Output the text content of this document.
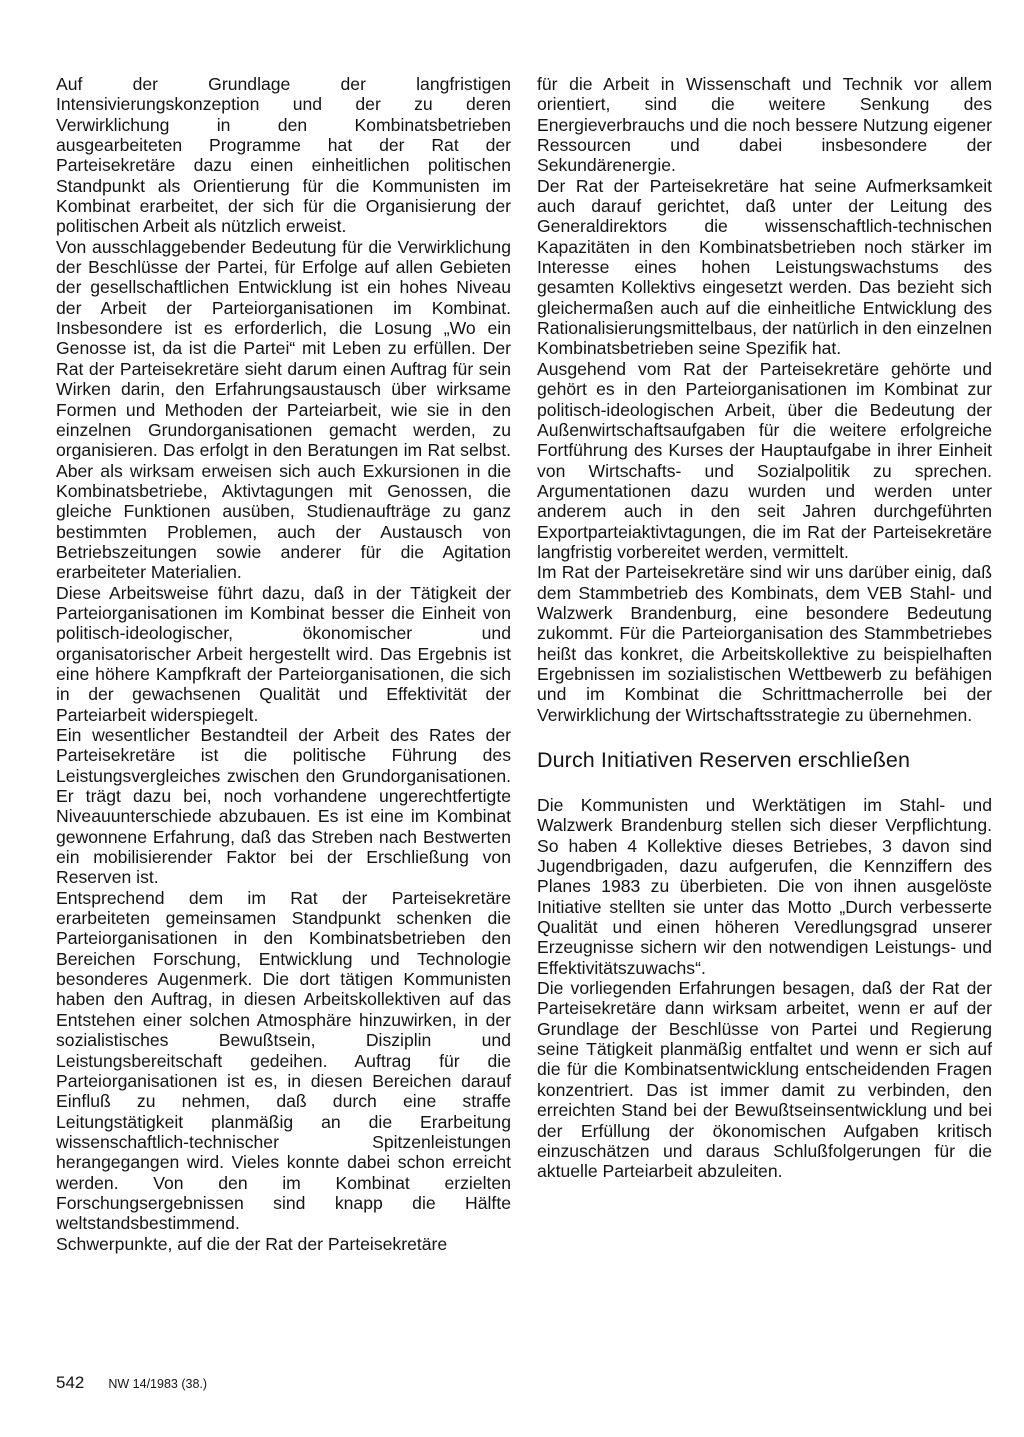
Auf der Grundlage der langfristigen Intensivierungskonzeption und der zu deren Verwirklichung in den Kombinatsbetrieben ausgearbeiteten Programme hat der Rat der Parteisekretäre dazu einen einheitlichen politischen Standpunkt als Orientierung für die Kommunisten im Kombinat erarbeitet, der sich für die Organisierung der politischen Arbeit als nützlich erweist.

Von ausschlaggebender Bedeutung für die Verwirklichung der Beschlüsse der Partei, für Erfolge auf allen Gebieten der gesellschaftlichen Entwicklung ist ein hohes Niveau der Arbeit der Parteiorganisationen im Kombinat. Insbesondere ist es erforderlich, die Losung „Wo ein Genosse ist, da ist die Partei“ mit Leben zu erfüllen. Der Rat der Parteisekretäre sieht darum einen Auftrag für sein Wirken darin, den Erfahrungsaustausch über wirksame Formen und Methoden der Parteiarbeit, wie sie in den einzelnen Grundorganisationen gemacht werden, zu organisieren. Das erfolgt in den Beratungen im Rat selbst. Aber als wirksam erweisen sich auch Exkursionen in die Kombinatsbetriebe, Aktivtagungen mit Genossen, die gleiche Funktionen ausüben, Studienaufträge zu ganz bestimmten Problemen, auch der Austausch von Betriebszeitungen sowie anderer für die Agitation erarbeiteter Materialien.

Diese Arbeitsweise führt dazu, daß in der Tätigkeit der Parteiorganisationen im Kombinat besser die Einheit von politisch-ideologischer, ökonomischer und organisatorischer Arbeit hergestellt wird. Das Ergebnis ist eine höhere Kampfkraft der Parteiorganisationen, die sich in der gewachsenen Qualität und Effektivität der Parteiarbeit widerspiegelt.

Ein wesentlicher Bestandteil der Arbeit des Rates der Parteisekretäre ist die politische Führung des Leistungsvergleiches zwischen den Grundorganisationen. Er trägt dazu bei, noch vorhandene ungerechtfertigte Niveauunterschiede abzubauen. Es ist eine im Kombinat gewonnene Erfahrung, daß das Streben nach Bestwerten ein mobilisierender Faktor bei der Erschließung von Reserven ist.

Entsprechend dem im Rat der Parteisekretäre erarbeiteten gemeinsamen Standpunkt schenken die Parteiorganisationen in den Kombinatsbetrieben den Bereichen Forschung, Entwicklung und Technologie besonderes Augenmerk. Die dort tätigen Kommunisten haben den Auftrag, in diesen Arbeitskollektiven auf das Entstehen einer solchen Atmosphäre hinzuwirken, in der sozialistisches Bewußtsein, Disziplin und Leistungsbereitschaft gedeihen. Auftrag für die Parteiorganisationen ist es, in diesen Bereichen darauf Einfluß zu nehmen, daß durch eine straffe Leitungstätigkeit planmäßig an die Erarbeitung wissenschaftlich-technischer Spitzenleistungen herangegangen wird. Vieles konnte dabei schon erreicht werden. Von den im Kombinat erzielten Forschungsergebnissen sind knapp die Hälfte weltstandsbestimmend.

Schwerpunkte, auf die der Rat der Parteisekretäre

für die Arbeit in Wissenschaft und Technik vor allem orientiert, sind die weitere Senkung des Energieverbrauchs und die noch bessere Nutzung eigener Ressourcen und dabei insbesondere der Sekundärenergie.

Der Rat der Parteisekretäre hat seine Aufmerksamkeit auch darauf gerichtet, daß unter der Leitung des Generaldirektors die wissenschaftlich-technischen Kapazitäten in den Kombinatsbetrieben noch stärker im Interesse eines hohen Leistungswachstums des gesamten Kollektivs eingesetzt werden. Das bezieht sich gleichermaßen auch auf die einheitliche Entwicklung des Rationalisierungsmittelbaus, der natürlich in den einzelnen Kombinatsbetrieben seine Spezifik hat.

Ausgehend vom Rat der Parteisekretäre gehörte und gehört es in den Parteiorganisationen im Kombinat zur politisch-ideologischen Arbeit, über die Bedeutung der Außenwirtschaftsaufgaben für die weitere erfolgreiche Fortführung des Kurses der Hauptaufgabe in ihrer Einheit von Wirtschafts- und Sozialpolitik zu sprechen. Argumentationen dazu wurden und werden unter anderem auch in den seit Jahren durchgeführten Exportparteiaktivtagungen, die im Rat der Parteisekretäre langfristig vorbereitet werden, vermittelt.

Im Rat der Parteisekretäre sind wir uns darüber einig, daß dem Stammbetrieb des Kombinats, dem VEB Stahl- und Walzwerk Brandenburg, eine besondere Bedeutung zukommt. Für die Parteiorganisation des Stammbetriebes heißt das konkret, die Arbeitskollektive zu beispielhaften Ergebnissen im sozialistischen Wettbewerb zu befähigen und im Kombinat die Schrittmacherrolle bei der Verwirklichung der Wirtschaftsstrategie zu übernehmen.

Durch Initiativen Reserven erschließen

Die Kommunisten und Werktätigen im Stahl- und Walzwerk Brandenburg stellen sich dieser Verpflichtung. So haben 4 Kollektive dieses Betriebes, 3 davon sind Jugendbrigaden, dazu aufgerufen, die Kennziffern des Planes 1983 zu überbieten. Die von ihnen ausgelöste Initiative stellten sie unter das Motto „Durch verbesserte Qualität und einen höheren Veredlungsgrad unserer Erzeugnisse sichern wir den notwendigen Leistungs- und Effektivitätszuwachs“.

Die vorliegenden Erfahrungen besagen, daß der Rat der Parteisekretäre dann wirksam arbeitet, wenn er auf der Grundlage der Beschlüsse von Partei und Regierung seine Tätigkeit planmäßig entfaltet und wenn er sich auf die für die Kombinatsentwicklung entscheidenden Fragen konzentriert. Das ist immer damit zu verbinden, den erreichten Stand bei der Bewußtseinsentwicklung und bei der Erfüllung der ökonomischen Aufgaben kritisch einzuschätzen und daraus Schlußfolgerungen für die aktuelle Parteiarbeit abzuleiten.

542 NW 14/1983 (38.)
